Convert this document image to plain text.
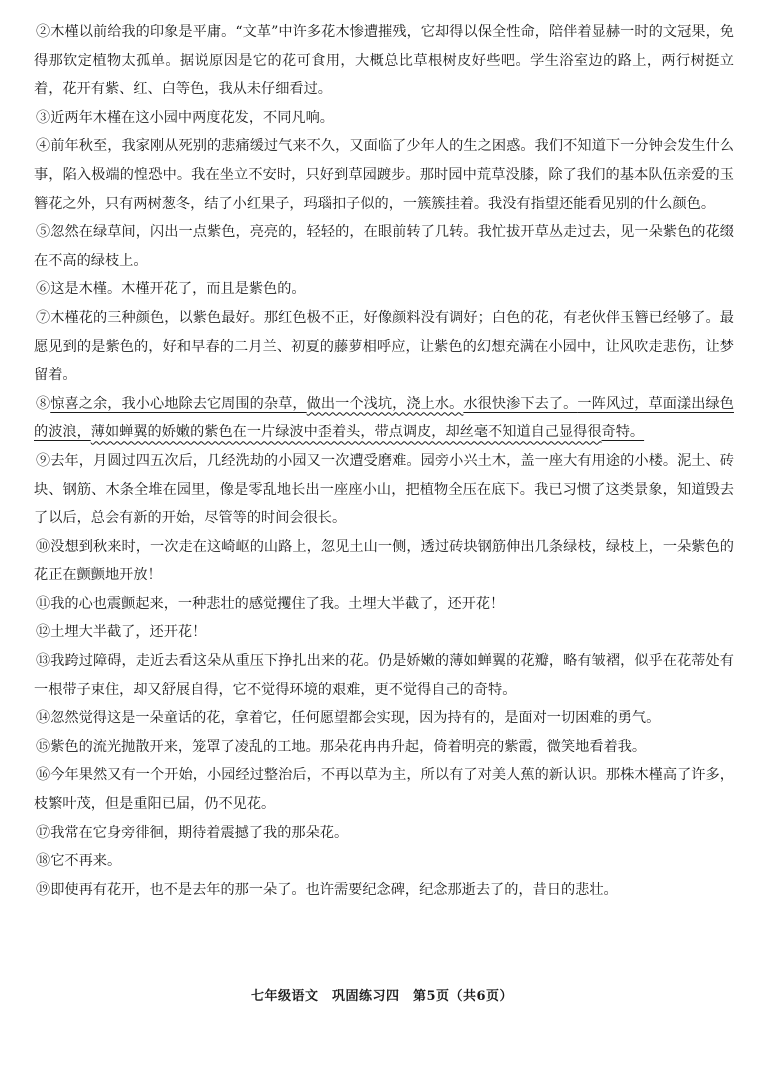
②木槿以前给我的印象是平庸。“文革”中许多花木惨遭摧残，它却得以保全性命，陪伴着显赫一时的文冠果，免得那钦定植物太孤单。据说原因是它的花可食用，大概总比草根树皮好些吧。学生浴室边的路上，两行树挺立着，花开有紫、红、白等色，我从未仔细看过。

③近两年木槿在这小园中两度花发，不同凡响。

④前年秋至，我家刚从死别的悲痛缓过气来不久，又面临了少年人的生之困惑。我们不知道下一分钟会发生什么事，陷入极端的惶恐中。我在坐立不安时，只好到草园踱步。那时园中荒草没膝，除了我们的基本队伍亲爱的玉簪花之外，只有两树葱冬，结了小红果子，玛瑙扣子似的，一簇簇挂着。我没有指望还能看见别的什么颜色。

⑤忽然在绿草间，闪出一点紫色，亮亮的，轻轻的，在眼前转了几转。我忙拔开草丛走过去，见一朵紫色的花缀在不高的绿枝上。

⑥这是木槿。木槿开花了，而且是紫色的。

⑦木槿花的三种颜色，以紫色最好。那红色极不正，好像颜料没有调好；白色的花，有老伙伴玉簪已经够了。最愿见到的是紫色的，好和早春的二月兰、初夏的藤萝相呼应，让紫色的幻想充满在小园中，让风吹走悲伤，让梦留着。

⑧惊喜之余，我小心地除去它周围的杂草，做出一个浅坑，浇上水。水很快渗下去了。一阵风过，草面漾出绿色的波浪，薄如蝉翼的娇嫩的紫色在一片绿波中歪着头，带点调皮，却丝毫不知道自己显得很奇特。

⑨去年，月圆过四五次后，几经洗劫的小园又一次遭受磨难。园旁小兴土木，盖一座大有用途的小楼。泥土、砖块、钢筋、木条全堆在园里，像是零乱地长出一座座小山，把植物全压在底下。我已习惯了这类景象，知道毁去了以后，总会有新的开始，尽管等的时间会很长。

⑩没想到秋来时，一次走在这崎岖的山路上，忽见土山一侧，透过砖块钢筋伸出几条绿枝，绿枝上，一朵紫色的花正在颤颤地开放！

⑪我的心也震颤起来，一种悲壮的感觉攫住了我。土埋大半截了，还开花！

⑫土埋大半截了，还开花！

⑬我跨过障碍，走近去看这朵从重压下挣扎出来的花。仍是娇嫩的薄如蝉翼的花瓣，略有皱褶，似乎在花蒂处有一根带子束住，却又舒展自得，它不觉得环境的艰难，更不觉得自己的奇特。

⑭忽然觉得这是一朵童话的花，拿着它，任何愿望都会实现，因为持有的，是面对一切困难的勇气。

⑮紫色的流光抛散开来，笼罩了凌乱的工地。那朵花冉冉升起，倚着明亮的紫霞，微笑地看着我。

⑯今年果然又有一个开始，小园经过整治后，不再以草为主，所以有了对美人蕉的新认识。那株木槿高了许多，枝繁叶茂，但是重阳已届，仍不见花。

⑰我常在它身旁徘徊，期待着震撼了我的那朵花。

⑱它不再来。

⑲即使再有花开，也不是去年的那一朵了。也许需要纪念碑，纪念那逝去了的，昔日的悲壮。

七年级语文　巩固练习四　第5页（共6页）
